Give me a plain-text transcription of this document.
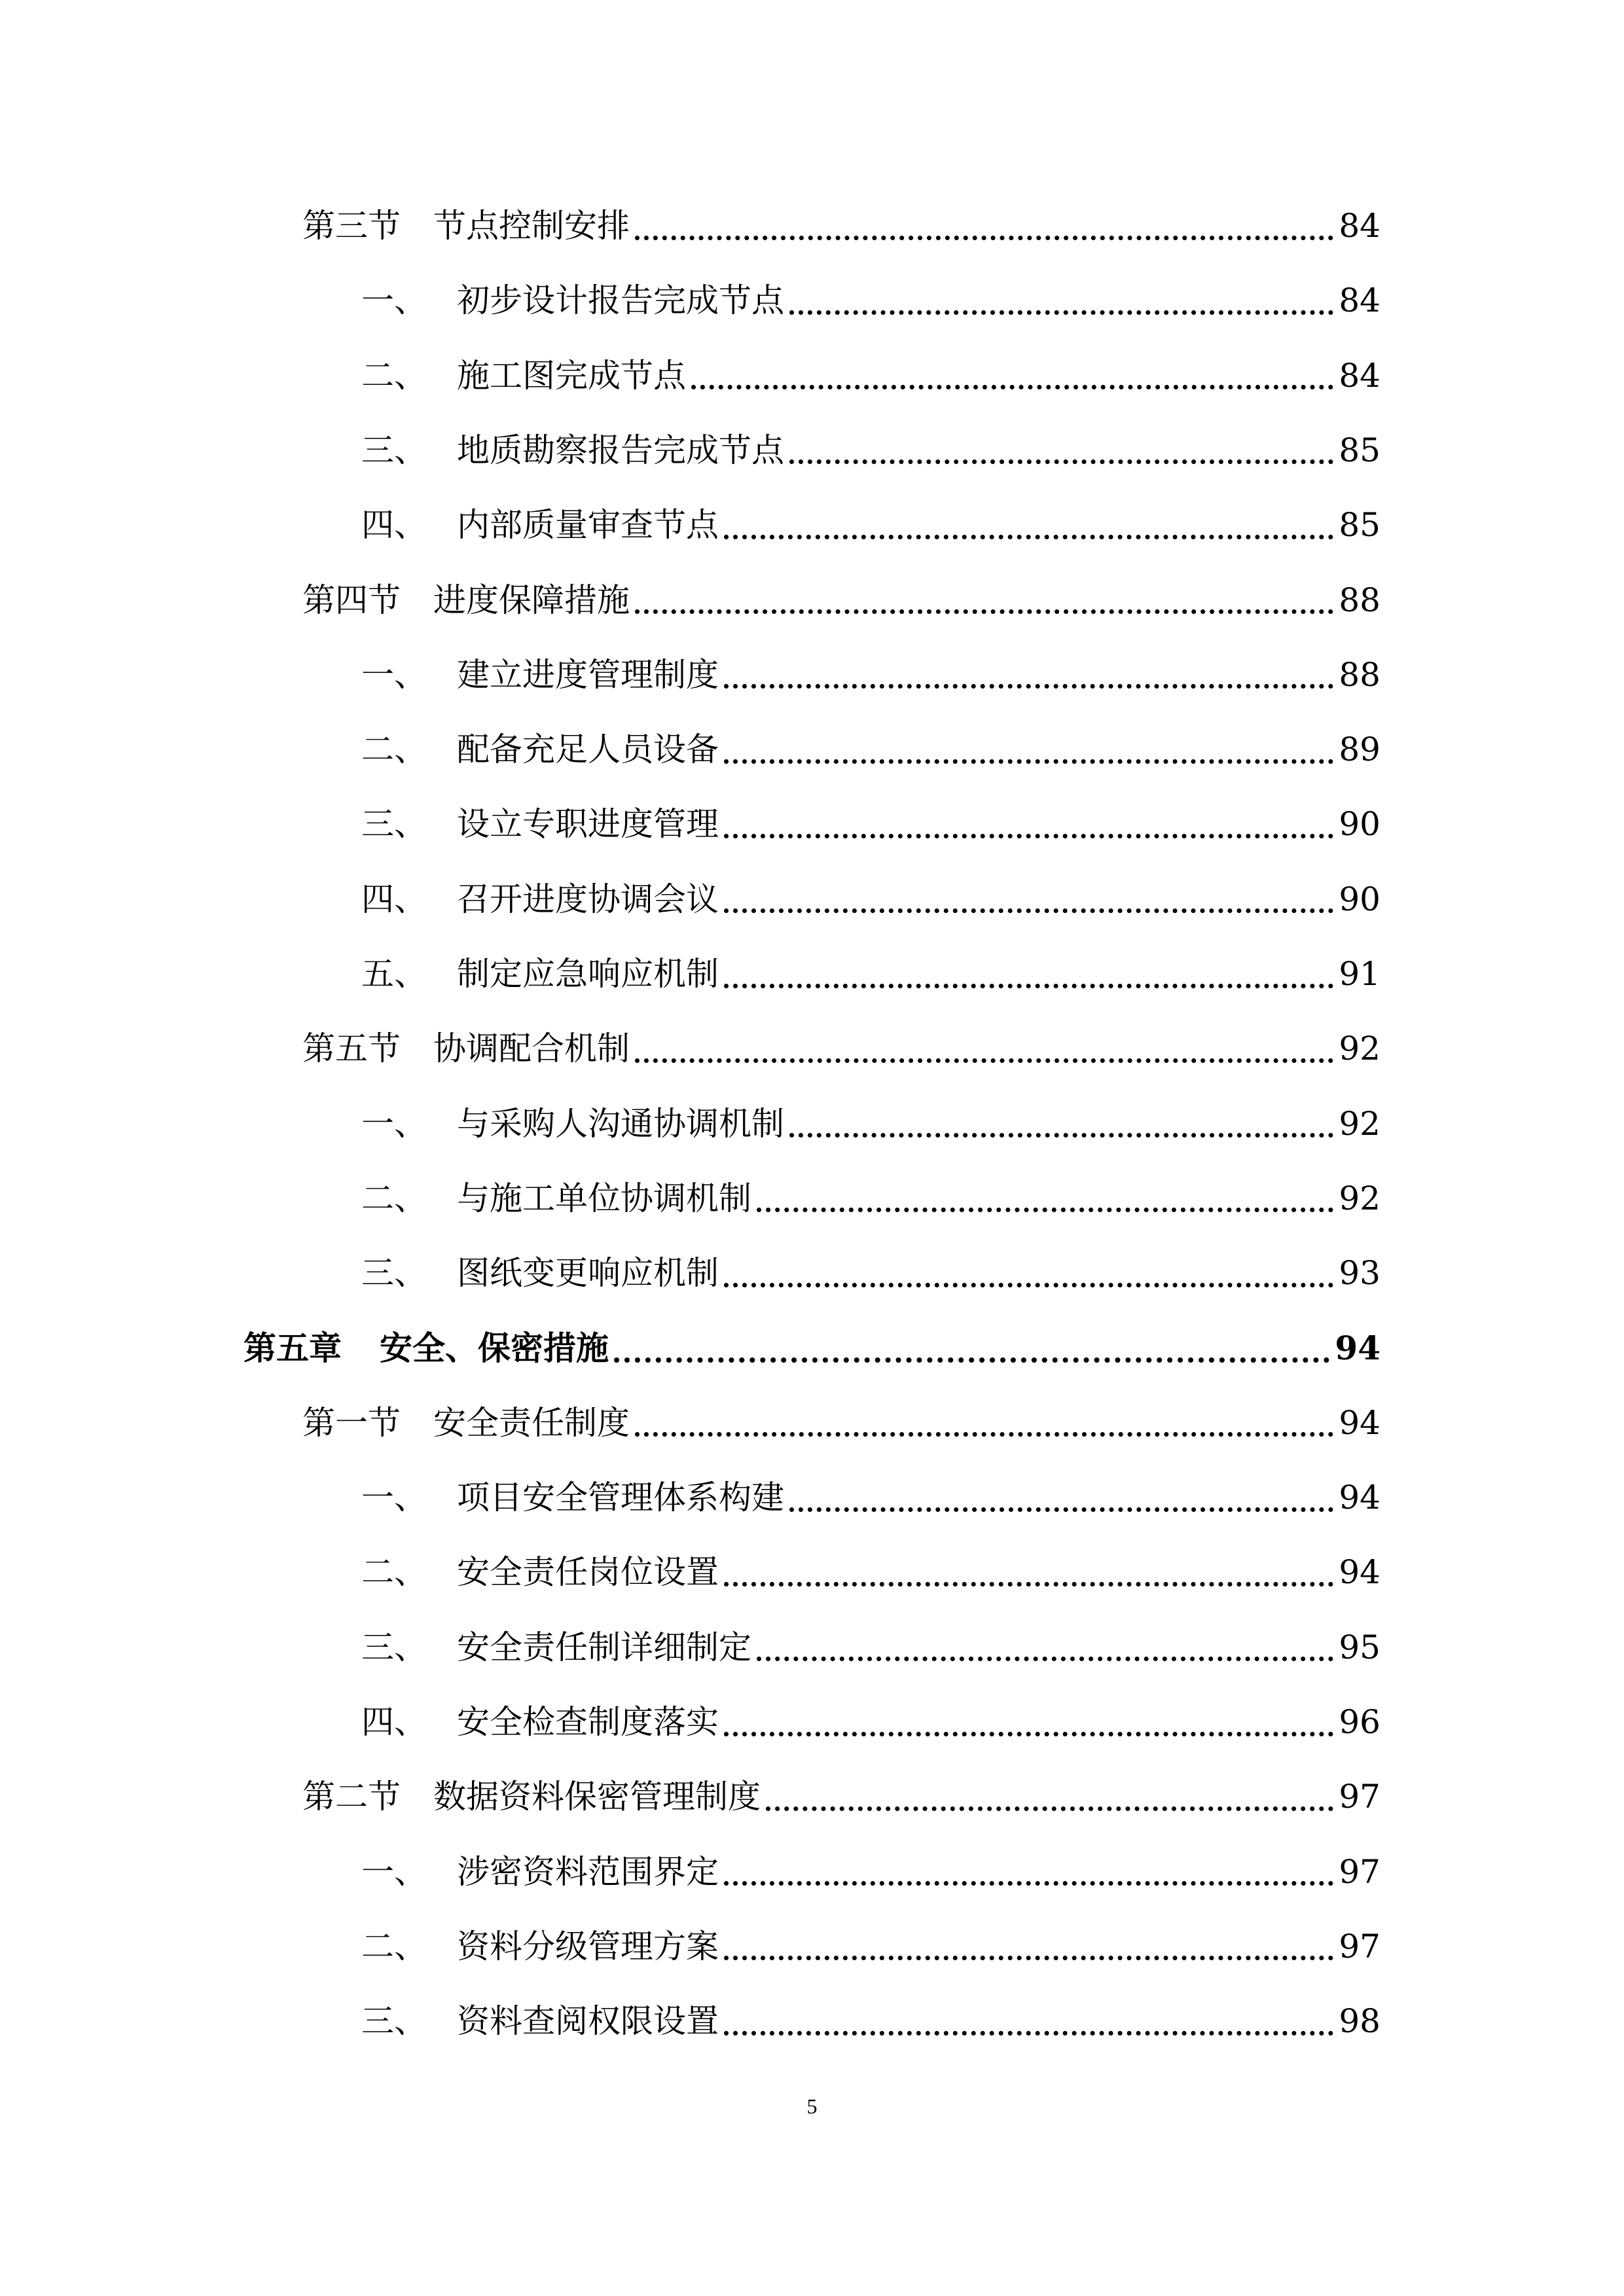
第三节	节点控制安排	84
一、 初步设计报告完成节点	84
二、 施工图完成节点	84
三、 地质勘察报告完成节点	85
四、 内部质量审查节点	85
第四节	进度保障措施	88
一、 建立进度管理制度	88
二、 配备充足人员设备	89
三、 设立专职进度管理	90
四、 召开进度协调会议	90
五、 制定应急响应机制	91
第五节	协调配合机制	92
一、 与采购人沟通协调机制	92
二、 与施工单位协调机制	92
三、 图纸变更响应机制	93
第五章	安全、保密措施	94
第一节	安全责任制度	94
一、 项目安全管理体系构建	94
二、 安全责任岗位设置	94
三、 安全责任制详细制定	95
四、 安全检查制度落实	96
第二节	数据资料保密管理制度	97
一、 涉密资料范围界定	97
二、 资料分级管理方案	97
三、 资料查阅权限设置	98
5
